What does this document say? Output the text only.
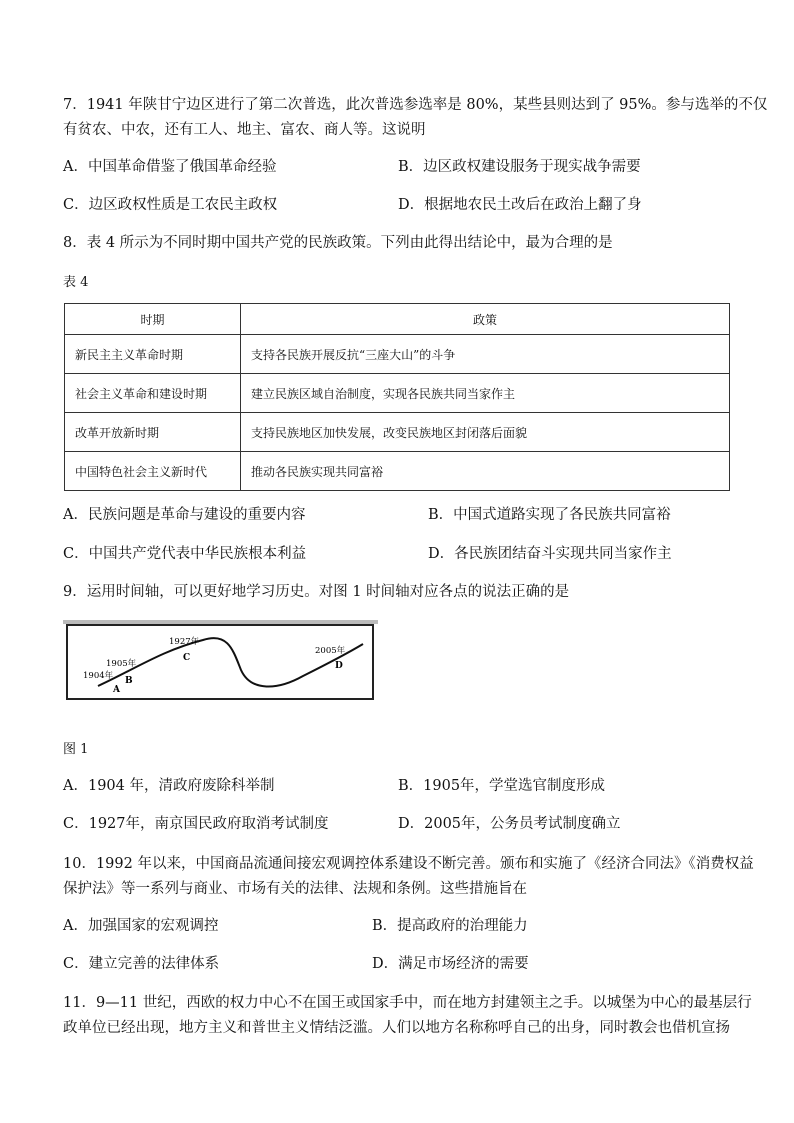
7．1941 年陕甘宁边区进行了第二次普选，此次普选参选率是 80%，某些县则达到了 95%。参与选举的不仅
有贫农、中农，还有工人、地主、富农、商人等。这说明
A．中国革命借鉴了俄国革命经验	B．边区政权建设服务于现实战争需要
C．边区政权性质是工农民主政权	D．根据地农民土改后在政治上翻了身
8．表 4 所示为不同时期中国共产党的民族政策。下列由此得出结论中，最为合理的是
表 4
时期	政策
新民主主义革命时期	支持各民族开展反抗“三座大山”的斗争
社会主义革命和建设时期	建立民族区域自治制度，实现各民族共同当家作主
改革开放新时期	支持民族地区加快发展，改变民族地区封闭落后面貌
中国特色社会主义新时代	推动各民族实现共同富裕
A．民族问题是革命与建设的重要内容	B．中国式道路实现了各民族共同富裕
C．中国共产党代表中华民族根本利益	D．各民族团结奋斗实现共同当家作主
9．运用时间轴，可以更好地学习历史。对图 1 时间轴对应各点的说法正确的是
1904年
A
1905年
B
1927年
C
2005年
D
图 1
A．1904 年，清政府废除科举制	B．1905年，学堂选官制度形成
C．1927年，南京国民政府取消考试制度	D．2005年，公务员考试制度确立
10．1992 年以来，中国商品流通间接宏观调控体系建设不断完善。颁布和实施了《经济合同法》《消费权益
保护法》等一系列与商业、市场有关的法律、法规和条例。这些措施旨在
A．加强国家的宏观调控	B．提高政府的治理能力
C．建立完善的法律体系	D．满足市场经济的需要
11．9—11 世纪，西欧的权力中心不在国王或国家手中，而在地方封建领主之手。以城堡为中心的最基层行
政单位已经出现，地方主义和普世主义情结泛滥。人们以地方名称称呼自己的出身，同时教会也借机宣扬
